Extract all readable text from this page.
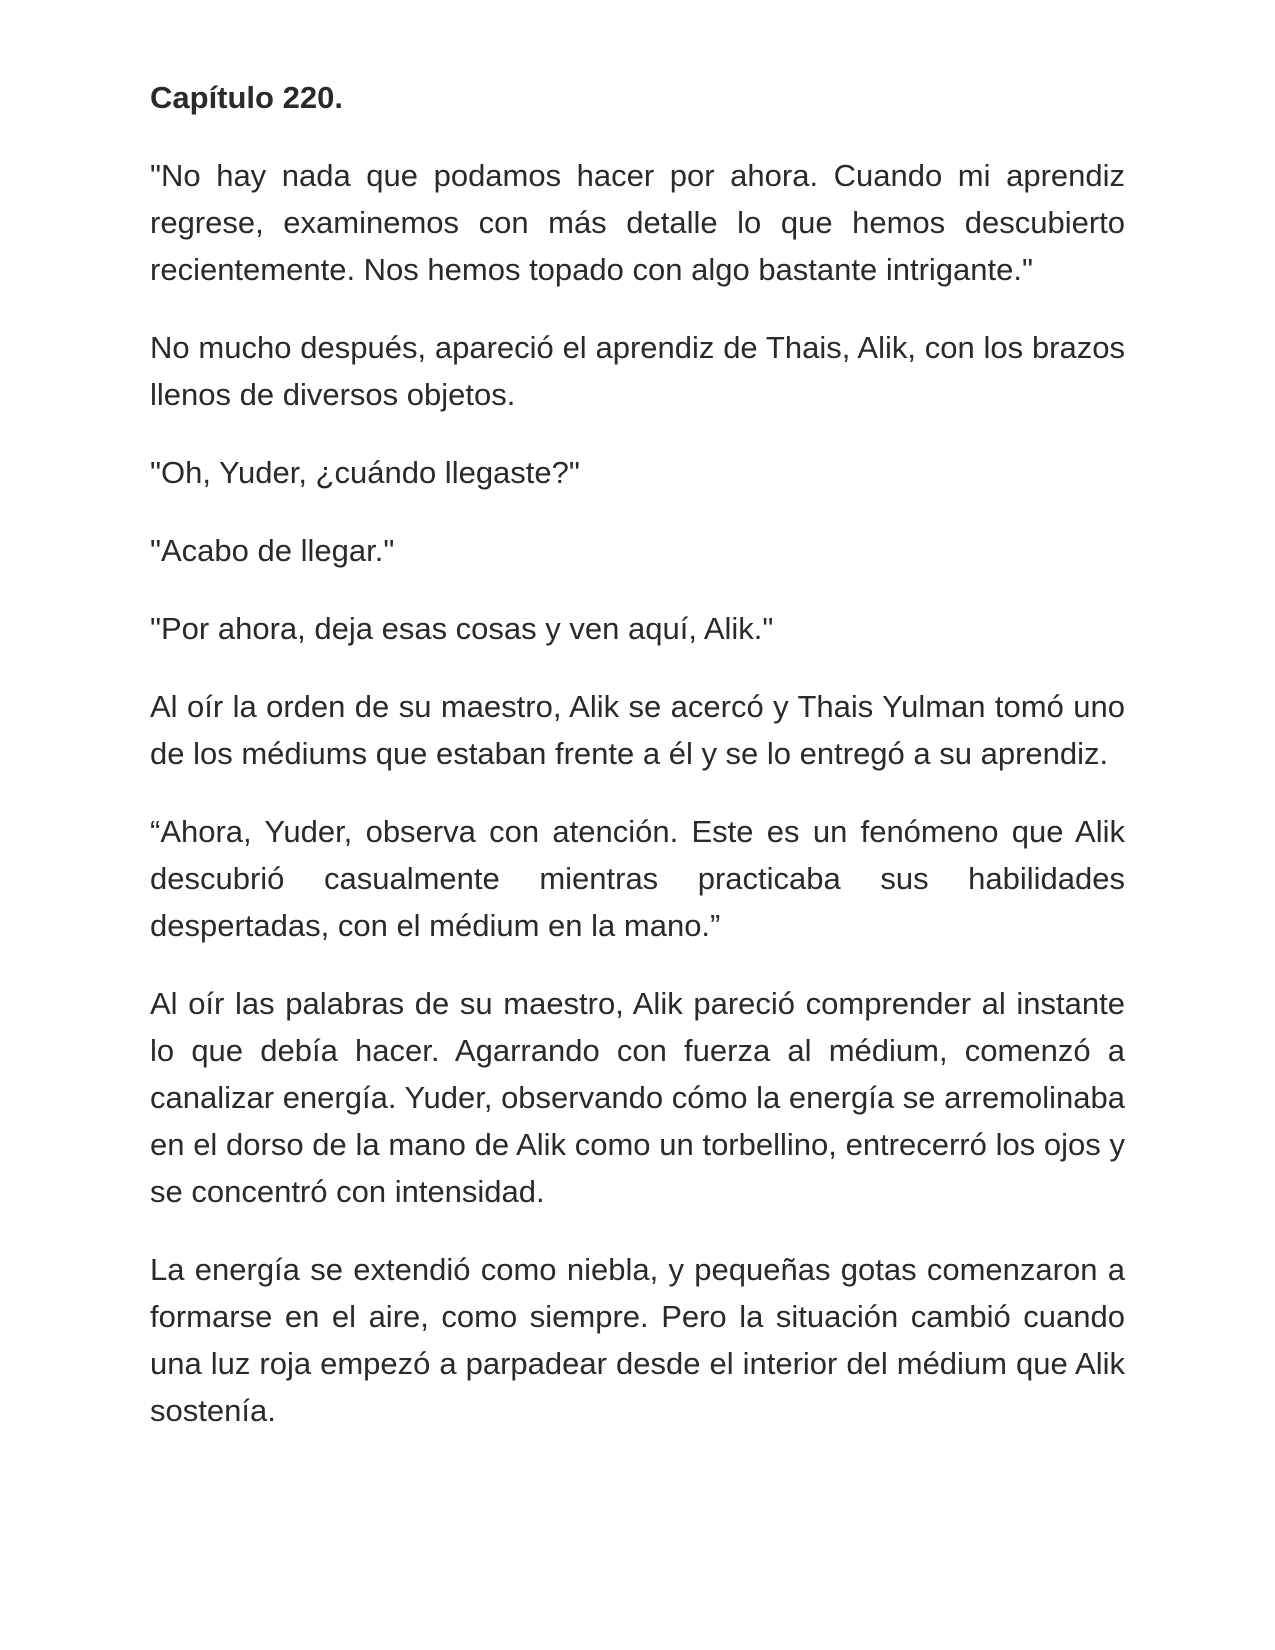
Capítulo 220.

"No hay nada que podamos hacer por ahora. Cuando mi aprendiz regrese, examinemos con más detalle lo que hemos descubierto recientemente. Nos hemos topado con algo bastante intrigante."

No mucho después, apareció el aprendiz de Thais, Alik, con los brazos llenos de diversos objetos.

"Oh, Yuder, ¿cuándo llegaste?"

"Acabo de llegar."

"Por ahora, deja esas cosas y ven aquí, Alik."

Al oír la orden de su maestro, Alik se acercó y Thais Yulman tomó uno de los médiums que estaban frente a él y se lo entregó a su aprendiz.

“Ahora, Yuder, observa con atención. Este es un fenómeno que Alik descubrió casualmente mientras practicaba sus habilidades despertadas, con el médium en la mano.”

Al oír las palabras de su maestro, Alik pareció comprender al instante lo que debía hacer. Agarrando con fuerza al médium, comenzó a canalizar energía. Yuder, observando cómo la energía se arremolinaba en el dorso de la mano de Alik como un torbellino, entrecerró los ojos y se concentró con intensidad.

La energía se extendió como niebla, y pequeñas gotas comenzaron a formarse en el aire, como siempre. Pero la situación cambió cuando una luz roja empezó a parpadear desde el interior del médium que Alik sostenía.
